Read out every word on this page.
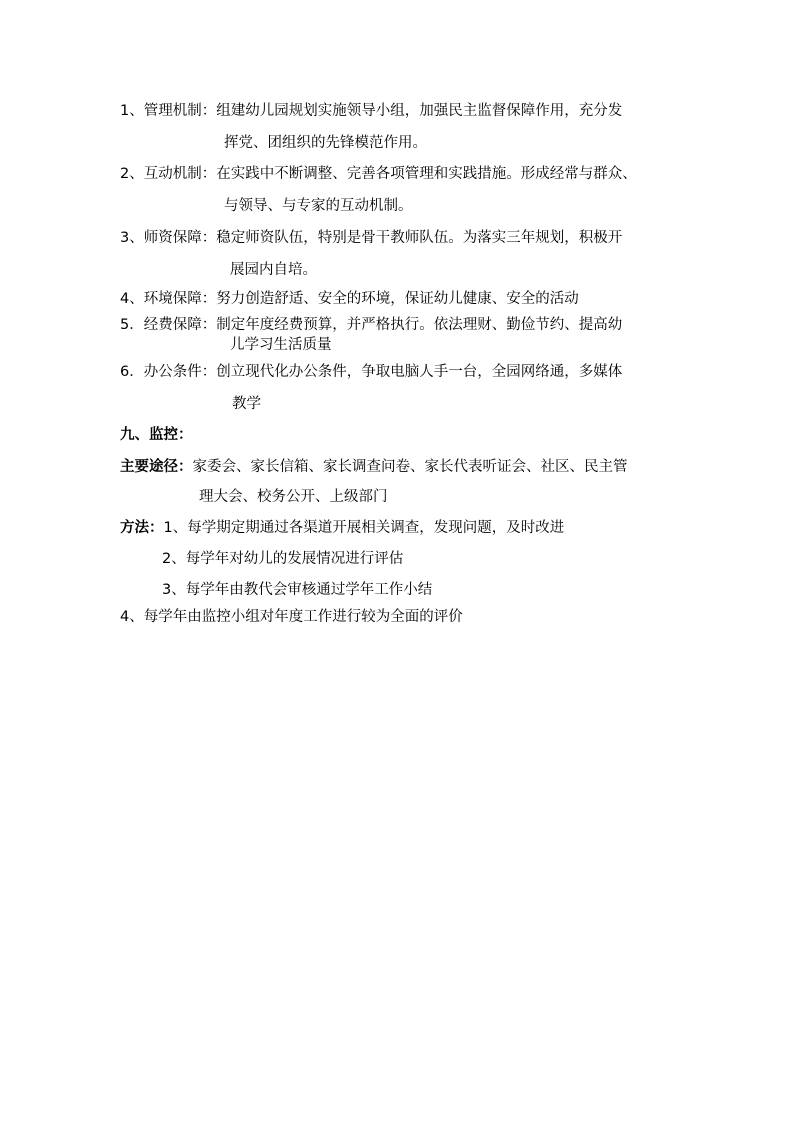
1、管理机制：组建幼儿园规划实施领导小组，加强民主监督保障作用，充分发
挥党、团组织的先锋模范作用。
2、互动机制：在实践中不断调整、完善各项管理和实践措施。形成经常与群众、
与领导、与专家的互动机制。
3、师资保障：稳定师资队伍，特别是骨干教师队伍。为落实三年规划，积极开
展园内自培。
4、环境保障：努力创造舒适、安全的环境，保证幼儿健康、安全的活动
5．经费保障：制定年度经费预算，并严格执行。依法理财、勤俭节约、提高幼
儿学习生活质量
6．办公条件：创立现代化办公条件，争取电脑人手一台，全园网络通，多媒体
教学
九、监控：
主要途径：家委会、家长信箱、家长调查问卷、家长代表听证会、社区、民主管
理大会、校务公开、上级部门
方法：1、每学期定期通过各渠道开展相关调查，发现问题，及时改进
2、每学年对幼儿的发展情况进行评估
3、每学年由教代会审核通过学年工作小结
4、每学年由监控小组对年度工作进行较为全面的评价
